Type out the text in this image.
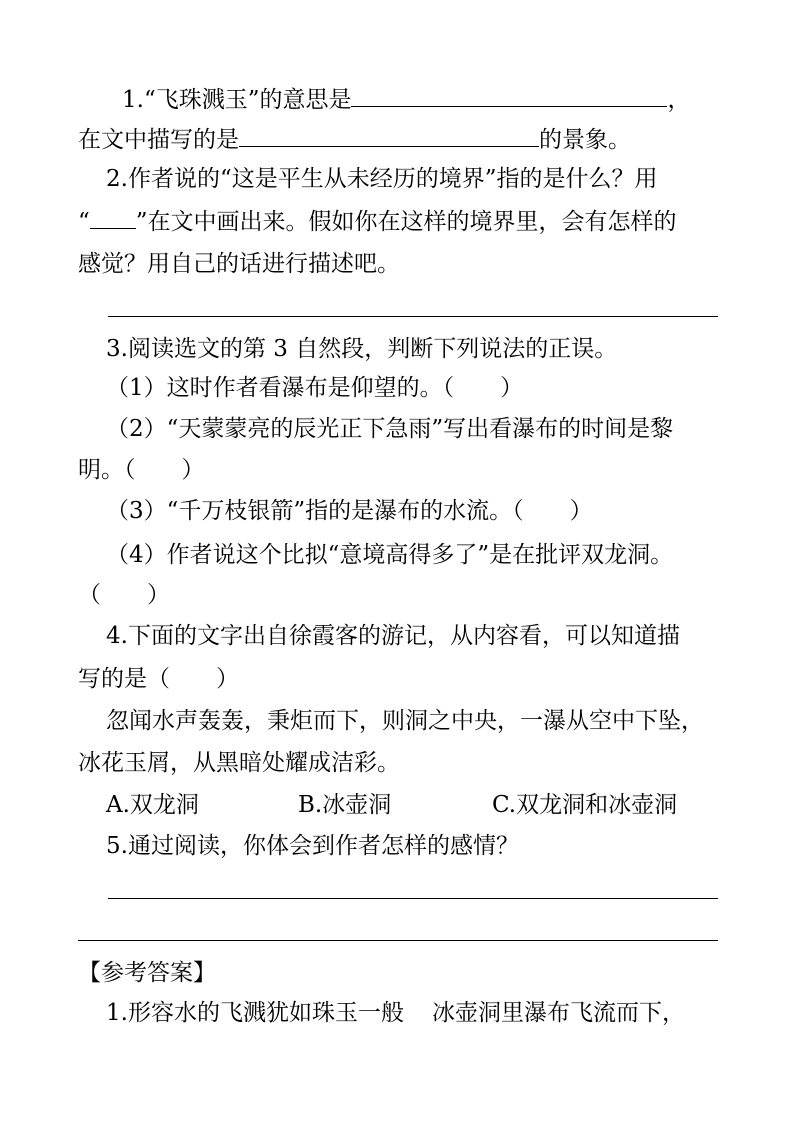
1.“飞珠溅玉”的意思是	，
在文中描写的是	的景象。
2.作者说的“这是平生从未经历的境界”指的是什么？用
“ ”在文中画出来。假如你在这样的境界里，会有怎样的
感觉？用自己的话进行描述吧。
3.阅读选文的第 3 自然段，判断下列说法的正误。
（1）这时作者看瀑布是仰望的。（　　）
（2）“天蒙蒙亮的辰光正下急雨”写出看瀑布的时间是黎
明。（　　）
（3）“千万枝银箭”指的是瀑布的水流。（　　）
（4）作者说这个比拟“意境高得多了”是在批评双龙洞。
（　　）
4.下面的文字出自徐霞客的游记，从内容看，可以知道描
写的是（　　）
忽闻水声轰轰，秉炬而下，则洞之中央，一瀑从空中下坠，
冰花玉屑，从黑暗处耀成洁彩。
A.双龙洞	B.冰壶洞	C.双龙洞和冰壶洞
5.通过阅读，你体会到作者怎样的感情？
【参考答案】
1.形容水的飞溅犹如珠玉一般 冰壶洞里瀑布飞流而下，
